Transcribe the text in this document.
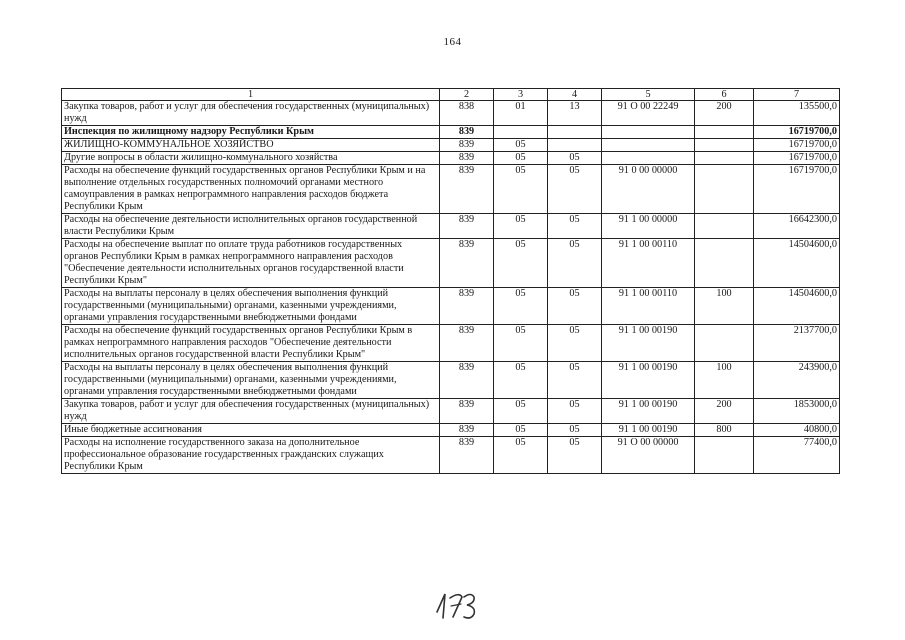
164
1	2	3	4	5	6	7
Закупка товаров, работ и услуг для обеспечения государственных (муниципальных) нужд	838	01	13	91 О 00 22249	200	135500,0
Инспекция по жилищному надзору Республики Крым	839					16719700,0
ЖИЛИЩНО-КОММУНАЛЬНОЕ ХОЗЯЙСТВО	839	05				16719700,0
Другие вопросы в области жилищно-коммунального хозяйства	839	05	05			16719700,0
Расходы на обеспечение функций государственных органов Республики Крым и на выполнение отдельных государственных полномочий органами местного самоуправления в рамках непрограммного направления расходов бюджета Республики Крым	839	05	05	91 0 00 00000		16719700,0
Расходы на обеспечение деятельности исполнительных органов государственной власти Республики Крым	839	05	05	91 1 00 00000		16642300,0
Расходы на обеспечение выплат по оплате труда работников государственных органов Республики Крым в рамках непрограммного направления расходов "Обеспечение деятельности исполнительных органов государственной власти Республики Крым"	839	05	05	91 1 00 00110		14504600,0
Расходы на выплаты персоналу в целях обеспечения выполнения функций государственными (муниципальными) органами, казенными учреждениями, органами управления государственными внебюджетными фондами	839	05	05	91 1 00 00110	100	14504600,0
Расходы на обеспечение функций государственных органов Республики Крым в рамках непрограммного направления расходов "Обеспечение деятельности исполнительных органов государственной власти Республики Крым"	839	05	05	91 1 00 00190		2137700,0
Расходы на выплаты персоналу в целях обеспечения выполнения функций государственными (муниципальными) органами, казенными учреждениями, органами управления государственными внебюджетными фондами	839	05	05	91 1 00 00190	100	243900,0
Закупка товаров, работ и услуг для обеспечения государственных (муниципальных) нужд	839	05	05	91 1 00 00190	200	1853000,0
Иные бюджетные ассигнования	839	05	05	91 1 00 00190	800	40800,0
Расходы на исполнение государственного заказа на дополнительное профессиональное образование государственных гражданских служащих Республики Крым	839	05	05	91 О 00 00000		77400,0
